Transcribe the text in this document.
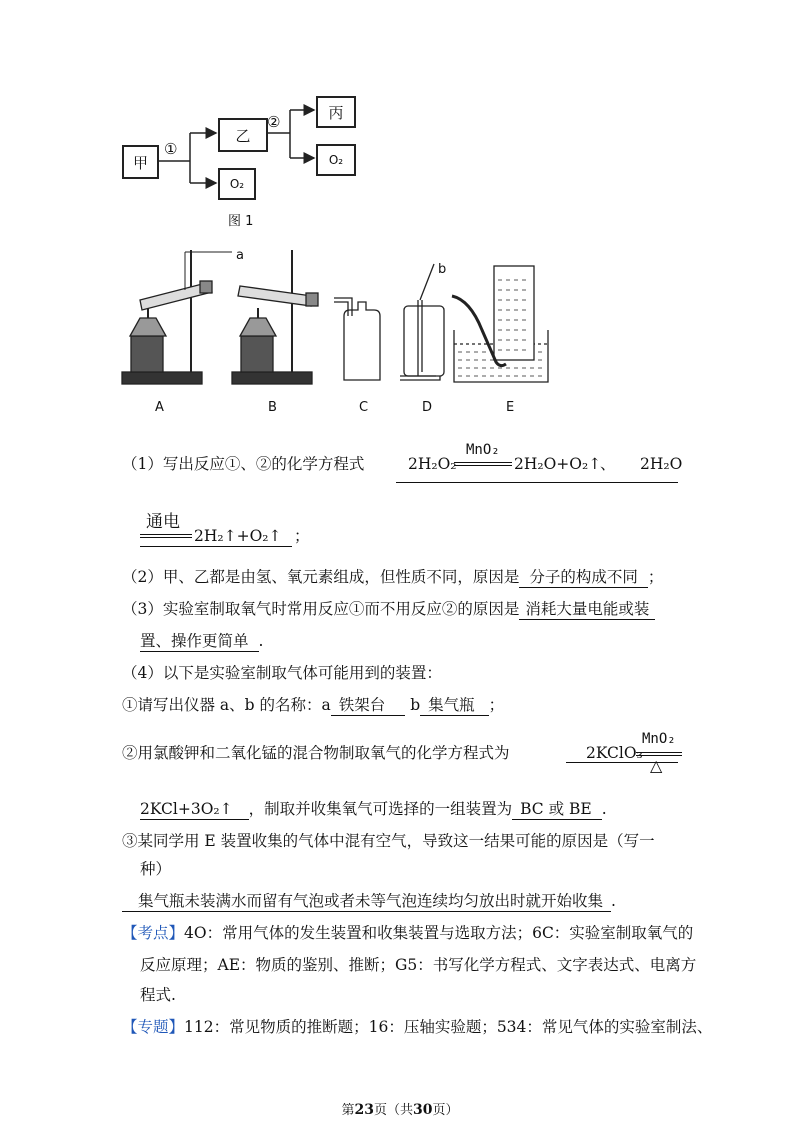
甲
乙
O₂
丙
O₂
①
②
图 1
a
b
A	B	C	D	E
（1）写出反应①、②的化学方程式	2H₂O₂
MnO₂
2H₂O+O₂↑
、 2H₂O
通电
2H₂↑+O₂↑ ；
（2）甲、乙都是由氢、氧元素组成，但性质不同，原因是 分子的构成不同 ；
（3）实验室制取氧气时常用反应①而不用反应②的原因是 消耗大量电能或装
置、操作更简单 .
（4）以下是实验室制取气体可能用到的装置：
①请写出仪器 a、b 的名称：a 铁架台 b 集气瓶 ；
②用氯酸钾和二氧化锰的混合物制取氧气的化学方程式为	2KClO₃
MnO₂
△
2KCl+3O₂↑ ，制取并收集氧气可选择的一组装置为 BC 或 BE .
③某同学用 E 装置收集的气体中混有空气，导致这一结果可能的原因是（写一
种）
集气瓶未装满水而留有气泡或者未等气泡连续均匀放出时就开始收集 .
【考点】4O：常用气体的发生装置和收集装置与选取方法；6C：实验室制取氧气的
反应原理；AE：物质的鉴别、推断；G5：书写化学方程式、文字表达式、电离方
程式.
【专题】112：常见物质的推断题；16：压轴实验题；534：常见气体的实验室制法、
第23页（共30页）
